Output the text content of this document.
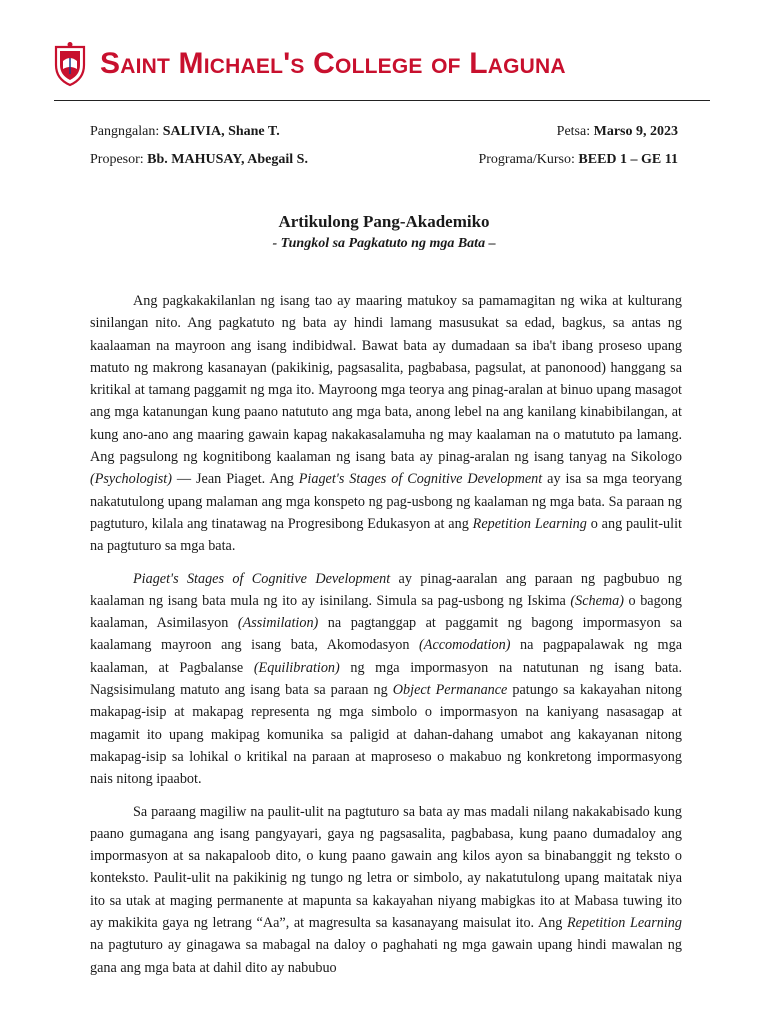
Saint Michael's College of Laguna
Pangngalan: SALIVIA, Shane T.	Petsa: Marso 9, 2023
Propesor: Bb. MAHUSAY, Abegail S.	Programa/Kurso: BEED 1 – GE 11
Artikulong Pang-Akademiko
- Tungkol sa Pagkatuto ng mga Bata –

Ang pagkakakilanlan ng isang tao ay maaring matukoy sa pamamagitan ng wika at kulturang sinilangan nito. Ang pagkatuto ng bata ay hindi lamang masusukat sa edad, bagkus, sa antas ng kaalaaman na mayroon ang isang indibidwal. Bawat bata ay dumadaan sa iba't ibang proseso upang matuto ng makrong kasanayan (pakikinig, pagsasalita, pagbabasa, pagsulat, at panonood) hanggang sa kritikal at tamang paggamit ng mga ito. Mayroong mga teorya ang pinag-aralan at binuo upang masagot ang mga katanungan kung paano natututo ang mga bata, anong lebel na ang kanilang kinabibilangan, at kung ano-ano ang maaring gawain kapag nakakasalamuha ng may kaalaman na o matututo pa lamang. Ang pagsulong ng kognitibong kaalaman ng isang bata ay pinag-aralan ng isang tanyag na Sikologo (Psychologist) — Jean Piaget. Ang Piaget's Stages of Cognitive Development ay isa sa mga teoryang nakatutulong upang malaman ang mga konspeto ng pag-usbong ng kaalaman ng mga bata. Sa paraan ng pagtuturo, kilala ang tinatawag na Progresibong Edukasyon at ang Repetition Learning o ang paulit-ulit na pagtuturo sa mga bata.

Piaget's Stages of Cognitive Development ay pinag-aaralan ang paraan ng pagbubuo ng kaalaman ng isang bata mula ng ito ay isinilang. Simula sa pag-usbong ng Iskima (Schema) o bagong kaalaman, Asimilasyon (Assimilation) na pagtanggap at paggamit ng bagong impormasyon sa kaalamang mayroon ang isang bata, Akomodasyon (Accomodation) na pagpapalawak ng mga kaalaman, at Pagbalanse (Equilibration) ng mga impormasyon na natutunan ng isang bata. Nagsisimulang matuto ang isang bata sa paraan ng Object Permanance patungo sa kakayahan nitong makapag-isip at makapag representa ng mga simbolo o impormasyon na kaniyang nasasagap at magamit ito upang makipag komunika sa paligid at dahan-dahang umabot ang kakayanan nitong makapag-isip sa lohikal o kritikal na paraan at maproseso o makabuo ng konkretong impormasyong nais nitong ipaabot.

Sa paraang magiliw na paulit-ulit na pagtuturo sa bata ay mas madali nilang nakakabisado kung paano gumagana ang isang pangyayari, gaya ng pagsasalita, pagbabasa, kung paano dumadaloy ang impormasyon at sa nakapaloob dito, o kung paano gawain ang kilos ayon sa binabanggit ng teksto o konteksto. Paulit-ulit na pakikinig ng tungo ng letra or simbolo, ay nakatutulong upang maitatak niya ito sa utak at maging permanente at mapunta sa kakayahan niyang mabigkas ito at Mabasa tuwing ito ay makikita gaya ng letrang “Aa”, at magresulta sa kasanayang maisulat ito. Ang Repetition Learning na pagtuturo ay ginagawa sa mabagal na daloy o paghahati ng mga gawain upang hindi mawalan ng gana ang mga bata at dahil dito ay nabubuo
